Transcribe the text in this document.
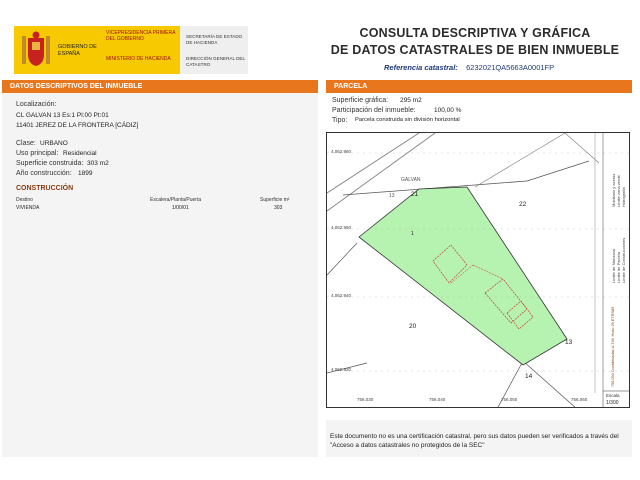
GOBIERNO DE ESPAÑA
VICEPRESIDENCIA PRIMERA DEL GOBIERNO
MINISTERIO DE HACIENDA
SECRETARÍA DE ESTADO DE HACIENDA
DIRECCIÓN GENERAL DEL CATASTRO
CONSULTA DESCRIPTIVA Y GRÁFICA
DE DATOS CATASTRALES DE BIEN INMUEBLE
Referencia catastral: 6232021QA5663A0001FP
DATOS DESCRIPTIVOS DEL INMUEBLE
Localización:
CL GALVAN 13 Es:1 Pl:00 Pt:01
11401 JEREZ DE LA FRONTERA [CÁDIZ]
Clase: URBANO
Uso principal: Residencial
Superficie construida: 303 m2
Año construcción: 1899
CONSTRUCCIÓN
Destino	Escalera/Planta/Puerta	Superficie m²
VIVIENDA	1/00/01	303
PARCELA
Superficie gráfica: 295 m2
Participación del inmueble:	100,00 %
Tipo: Parcela construida sin división horizontal
21
22
20
13
14
1
GALVAN
13
4.062.960
4.062.950
4.062.940
4.062.930
756.030	756.040	756.050	756.060
Límite de Manzana Límite de Parcela Límite de Construcciones
Mobiliario y aceras Límite zona verde Hidrografía
756.050 Coordenadas U.T.M. Huso 29 ETRS89
Escala
1/300
Este documento no es una certificación catastral, pero sus datos pueden ser verificados a través del "Acceso a datos catastrales no protegidos de la SEC"
